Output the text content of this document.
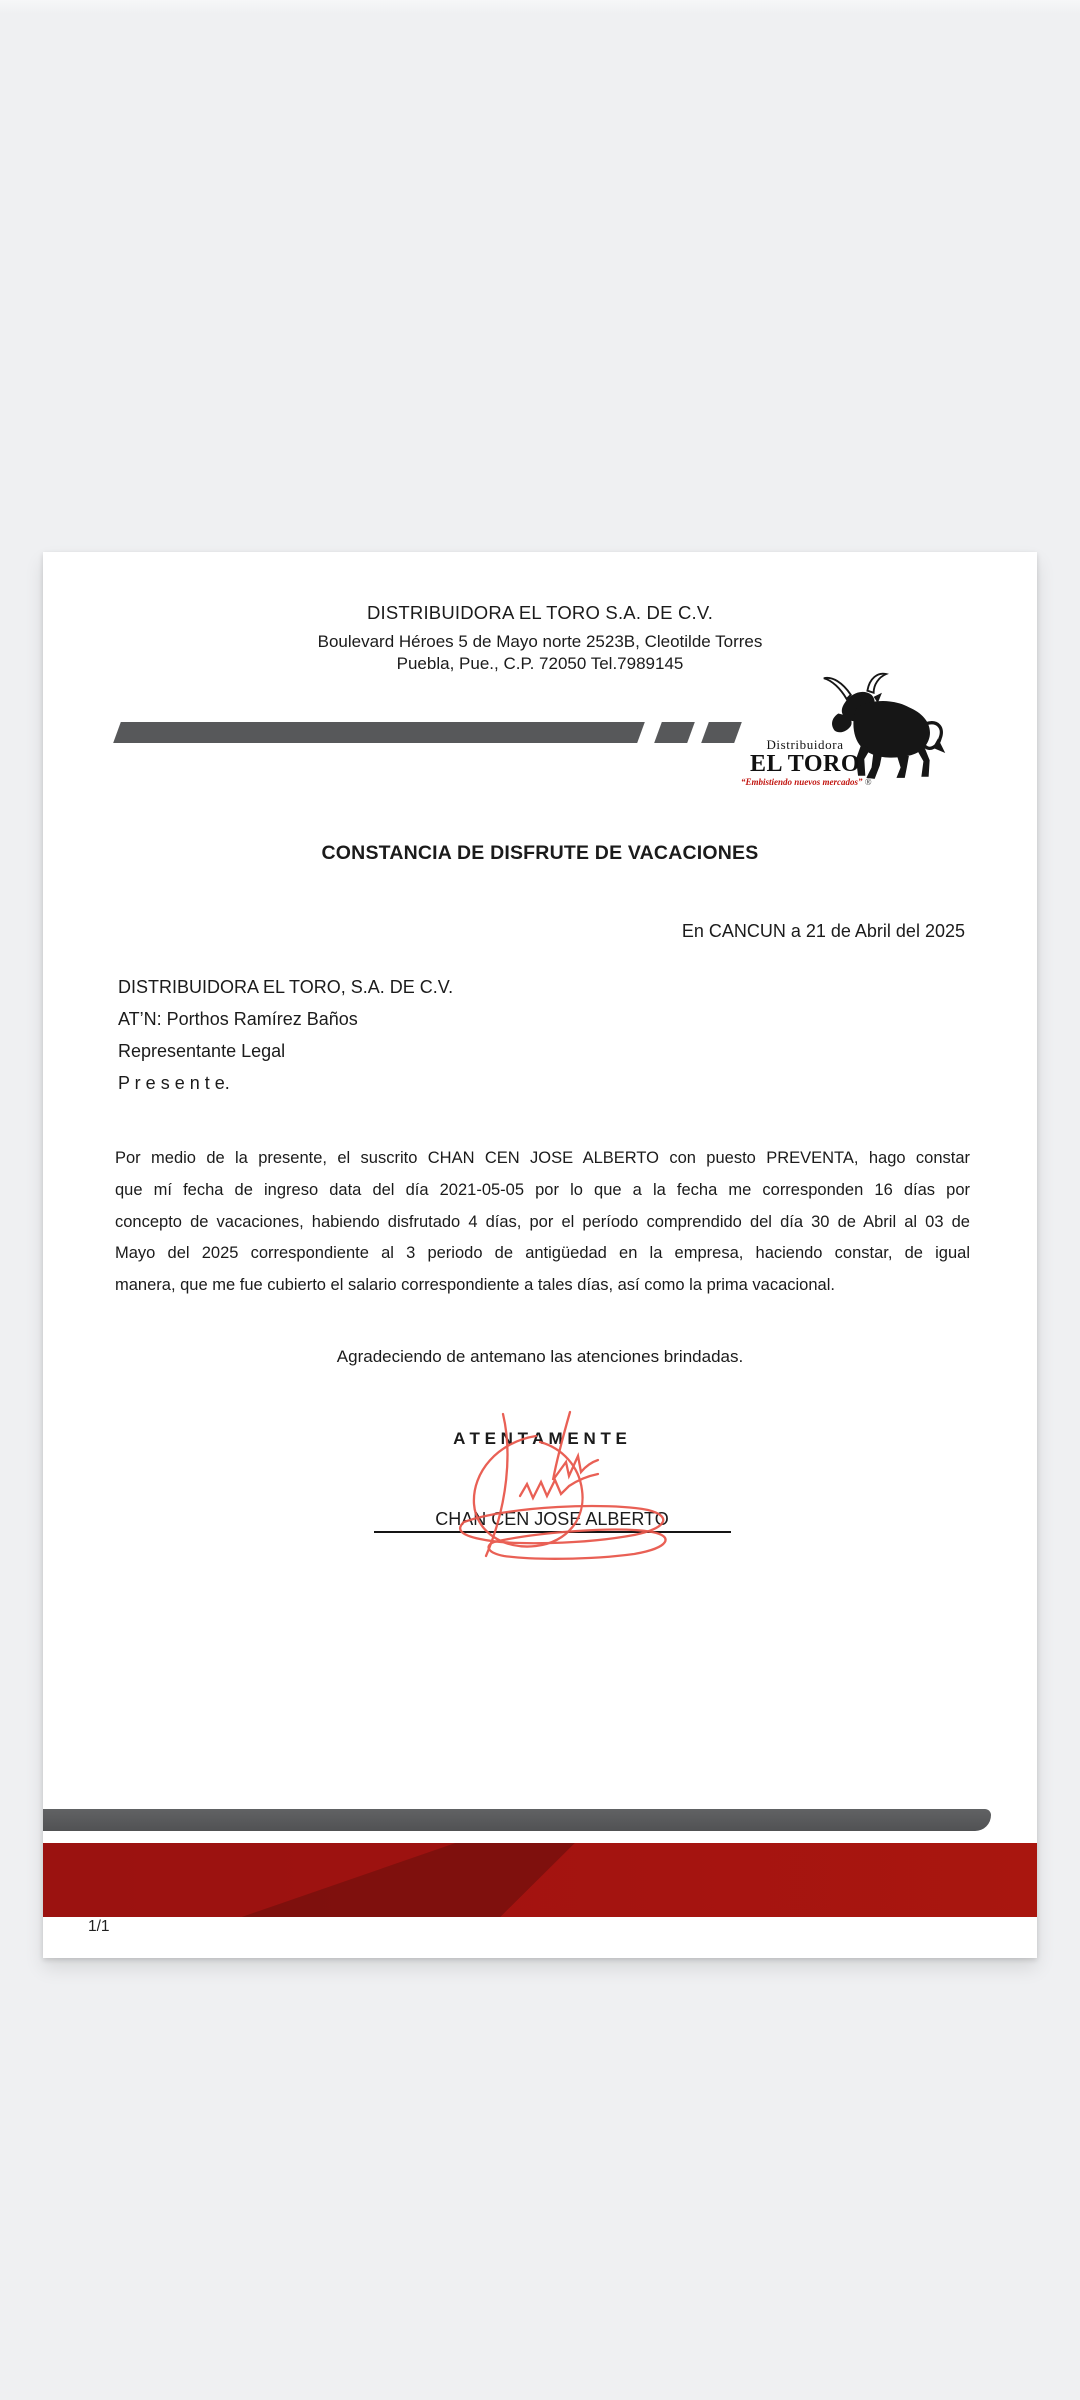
DISTRIBUIDORA EL TORO S.A. DE C.V.
Boulevard Héroes 5 de Mayo norte 2523B, Cleotilde Torres
Puebla, Pue., C.P. 72050 Tel.7989145
Distribuidora
EL TORO
“Embistiendo nuevos mercados” ®
CONSTANCIA DE DISFRUTE DE VACACIONES
En CANCUN a 21 de Abril del 2025
DISTRIBUIDORA EL TORO, S.A. DE C.V.
AT’N: Porthos Ramírez Baños
Representante Legal
P r e s e n t e.
Por medio de la presente, el suscrito CHAN CEN JOSE ALBERTO con puesto PREVENTA, hago constar
que mí fecha de ingreso data del día 2021-05-05 por lo que a la fecha me corresponden 16 días por
concepto de vacaciones, habiendo disfrutado 4 días, por el período comprendido del día 30 de Abril al 03 de
Mayo del 2025 correspondiente al 3 periodo de antigüedad en la empresa, haciendo constar, de igual
manera, que me fue cubierto el salario correspondiente a tales días, así como la prima vacacional.
Agradeciendo de antemano las atenciones brindadas.
A T E N T A M E N T E
CHAN CEN JOSE ALBERTO
1/1
